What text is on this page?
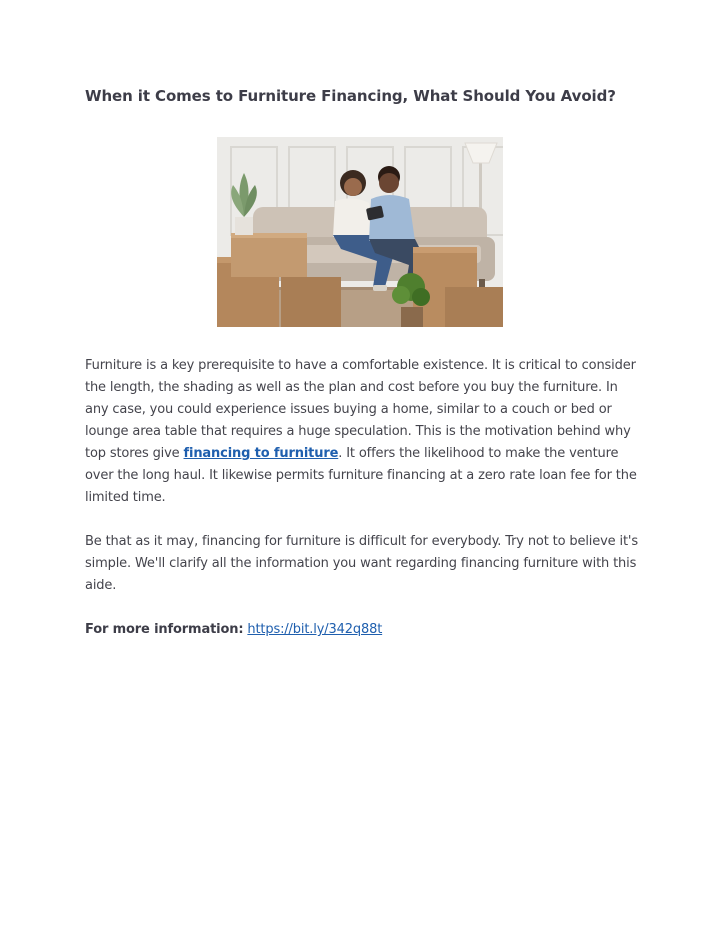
When it Comes to Furniture Financing, What Should You Avoid?

Furniture is a key prerequisite to have a comfortable existence. It is critical to consider the length, the shading as well as the plan and cost before you buy the furniture. In any case, you could experience issues buying a home, similar to a couch or bed or lounge area table that requires a huge speculation. This is the motivation behind why top stores give financing to furniture. It offers the likelihood to make the venture over the long haul. It likewise permits furniture financing at a zero rate loan fee for the limited time.

Be that as it may, financing for furniture is difficult for everybody. Try not to believe it's simple. We'll clarify all the information you want regarding financing furniture with this aide.

For more information: https://bit.ly/342q88t
